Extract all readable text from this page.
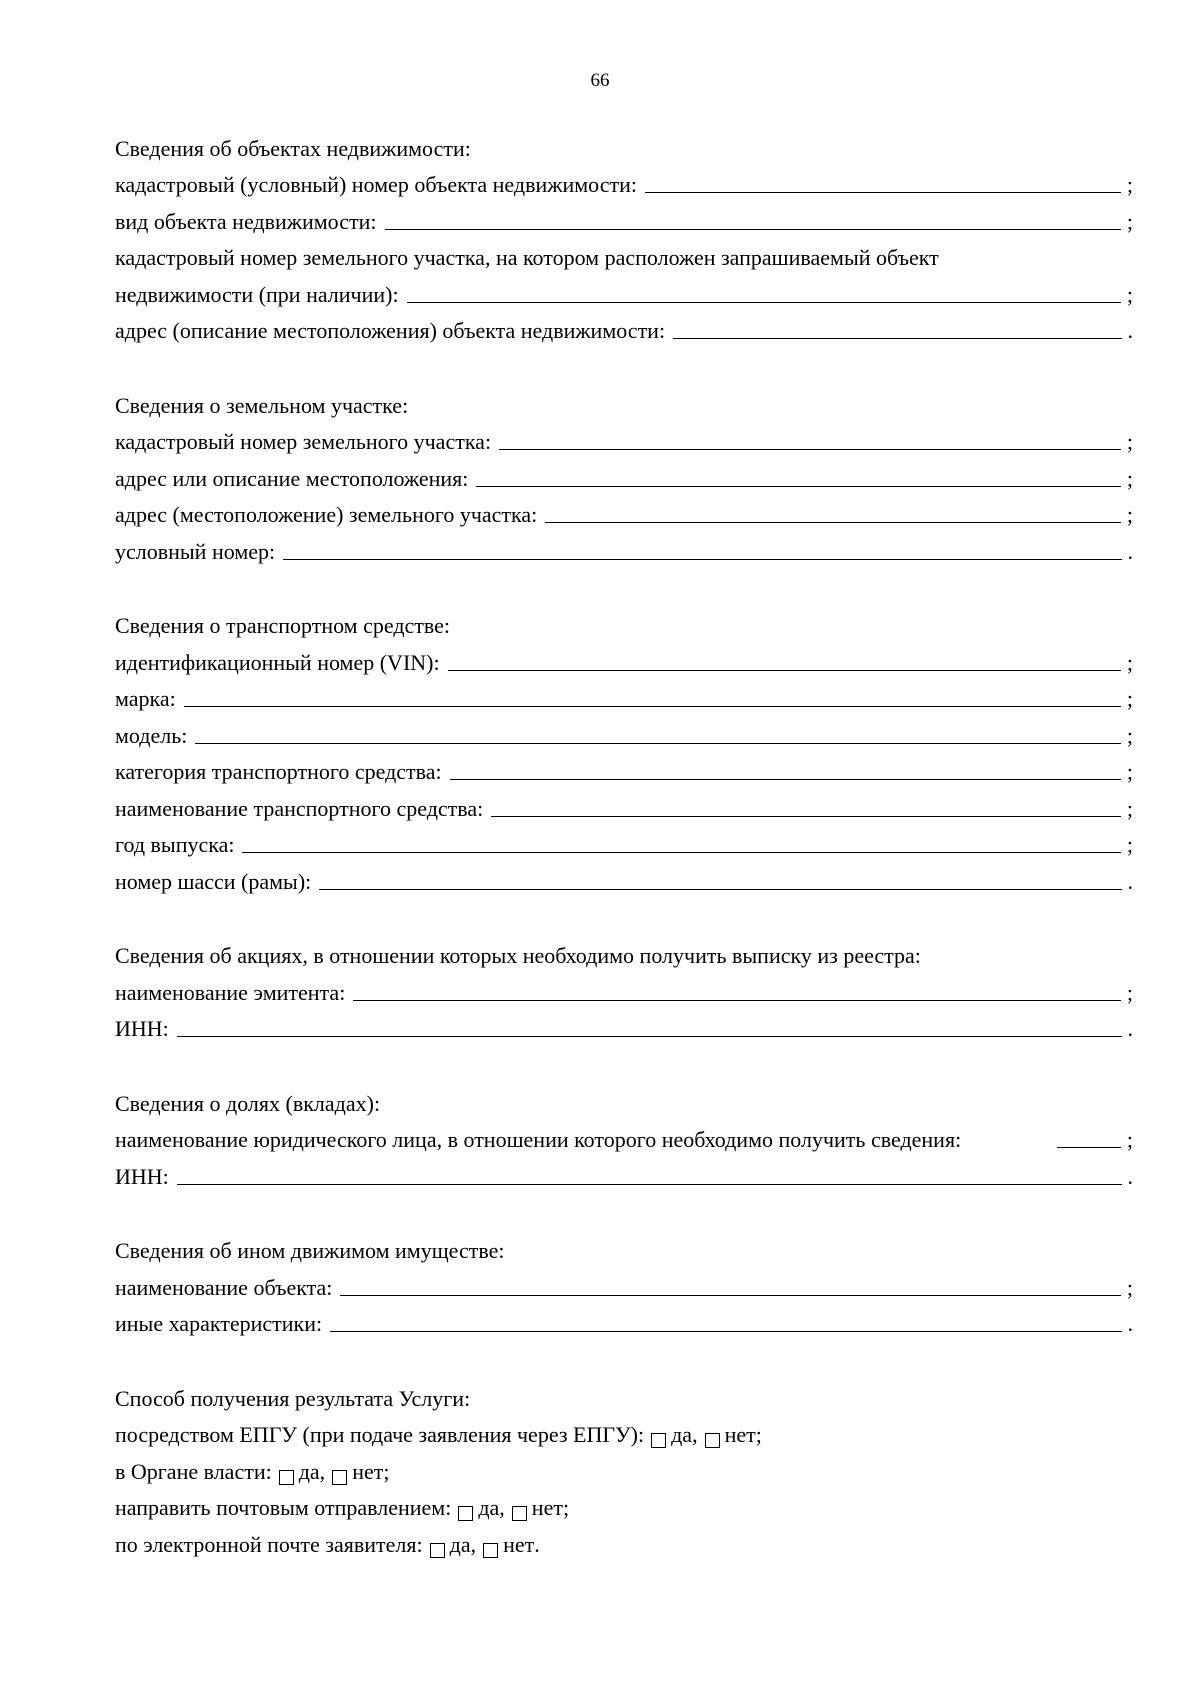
66
Сведения об объектах недвижимости:
кадастровый (условный) номер объекта недвижимости:	;
вид объекта недвижимости:	;
кадастровый номер земельного участка, на котором расположен запрашиваемый объект
недвижимости (при наличии):	;
адрес (описание местоположения) объекта недвижимости:	.
Сведения о земельном участке:
кадастровый номер земельного участка:	;
адрес или описание местоположения:	;
адрес (местоположение) земельного участка:	;
условный номер:	.
Сведения о транспортном средстве:
идентификационный номер (VIN):	;
марка:	;
модель:	;
категория транспортного средства:	;
наименование транспортного средства:	;
год выпуска:	;
номер шасси (рамы):	.
Сведения об акциях, в отношении которых необходимо получить выписку из реестра:
наименование эмитента:	;
ИНН:	.
Сведения о долях (вкладах):
наименование юридического лица, в отношении которого необходимо получить сведения:	;
ИНН:	.
Сведения об ином движимом имуществе:
наименование объекта:	;
иные характеристики:	.
Способ получения результата Услуги:
посредством ЕПГУ (при подаче заявления через ЕПГУ): да, нет ;
в Органе власти: да, нет ;
направить почтовым отправлением: да, нет ;
по электронной почте заявителя: да, нет .
